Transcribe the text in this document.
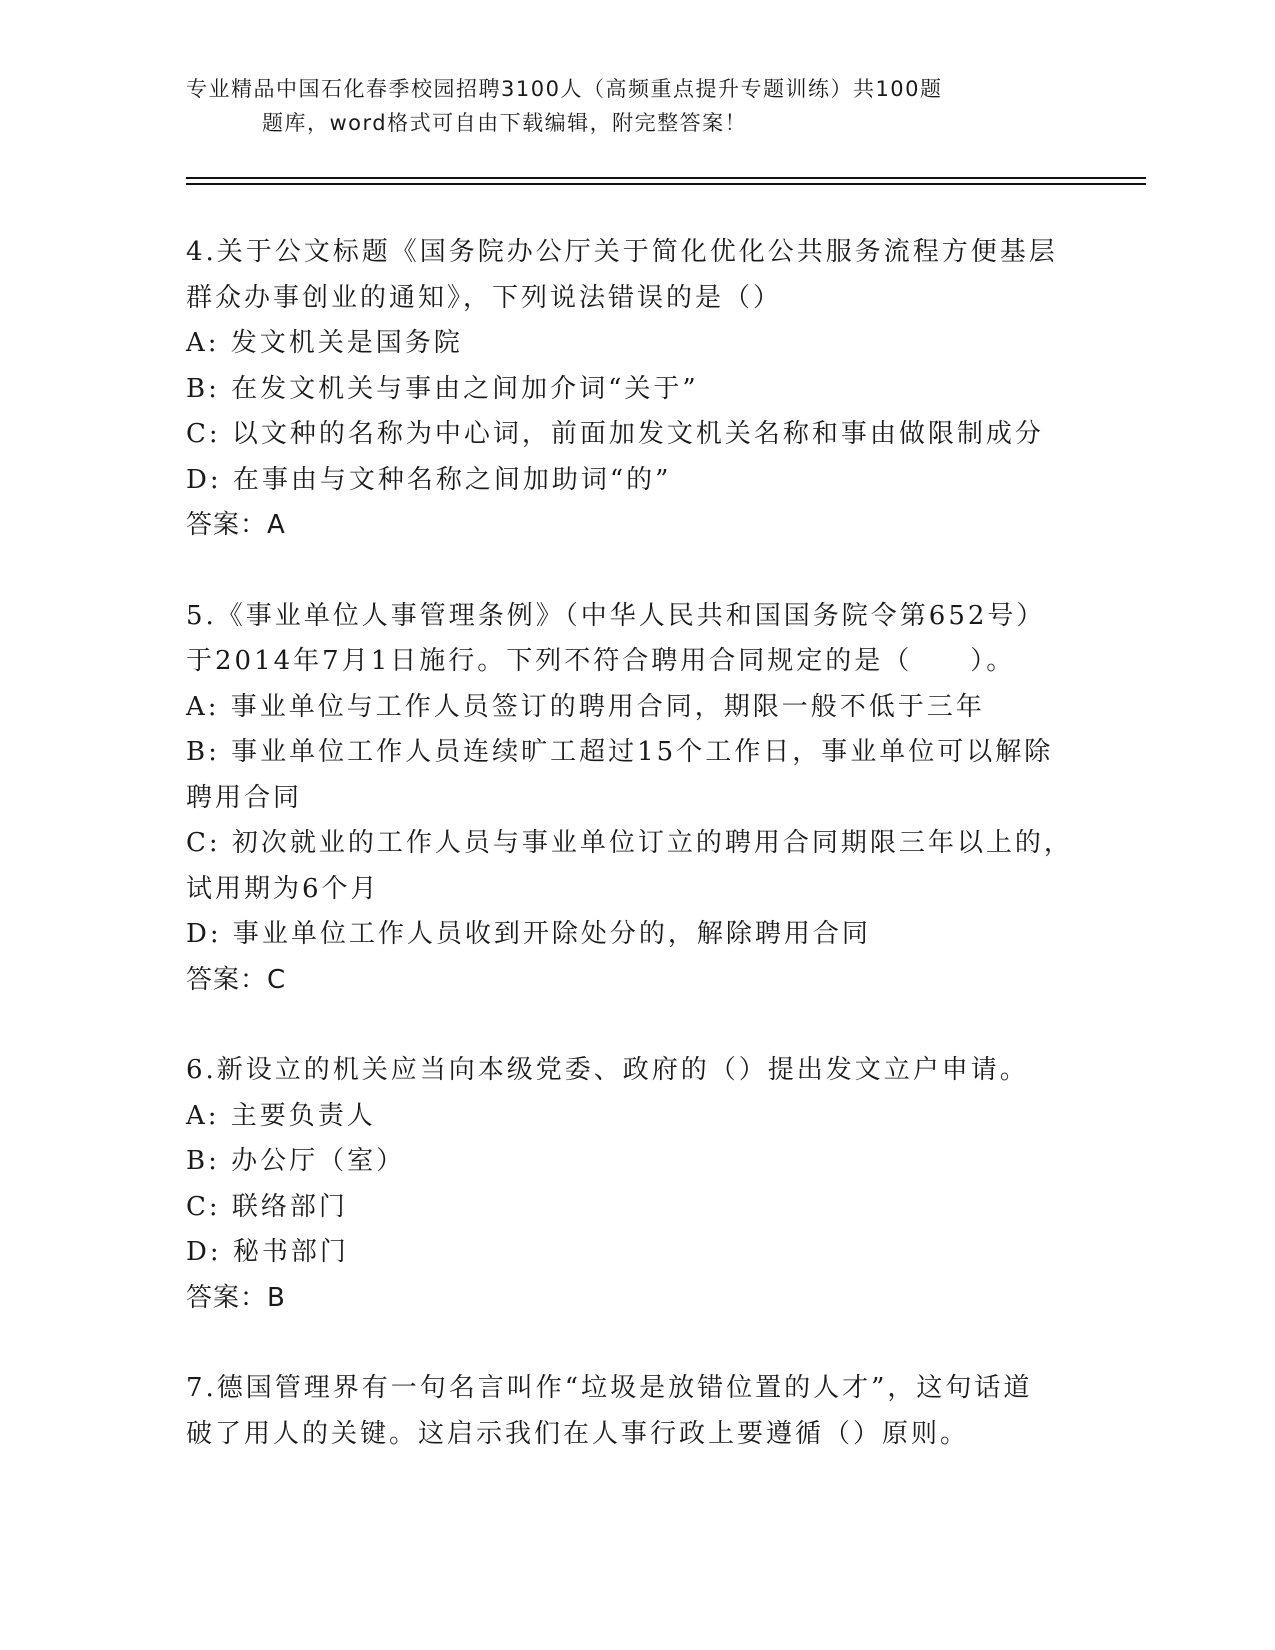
专业精品中国石化春季校园招聘3100人（高频重点提升专题训练）共100题
题库，word格式可自由下载编辑，附完整答案！
4.关于公文标题《国务院办公厅关于简化优化公共服务流程方便基层
群众办事创业的通知》，下列说法错误的是（）
A: 发文机关是国务院
B: 在发文机关与事由之间加介词“关于”
C: 以文种的名称为中心词，前面加发文机关名称和事由做限制成分
D: 在事由与文种名称之间加助词“的”
答案：A
5.《事业单位人事管理条例》（中华人民共和国国务院令第652号）
于2014年7月1日施行。下列不符合聘用合同规定的是（　　）。
A: 事业单位与工作人员签订的聘用合同，期限一般不低于三年
B: 事业单位工作人员连续旷工超过15个工作日，事业单位可以解除
聘用合同
C: 初次就业的工作人员与事业单位订立的聘用合同期限三年以上的，
试用期为6个月
D: 事业单位工作人员收到开除处分的，解除聘用合同
答案：C
6.新设立的机关应当向本级党委、政府的（）提出发文立户申请。
A: 主要负责人
B: 办公厅（室）
C: 联络部门
D: 秘书部门
答案：B
7.德国管理界有一句名言叫作“垃圾是放错位置的人才”，这句话道
破了用人的关键。这启示我们在人事行政上要遵循（）原则。
